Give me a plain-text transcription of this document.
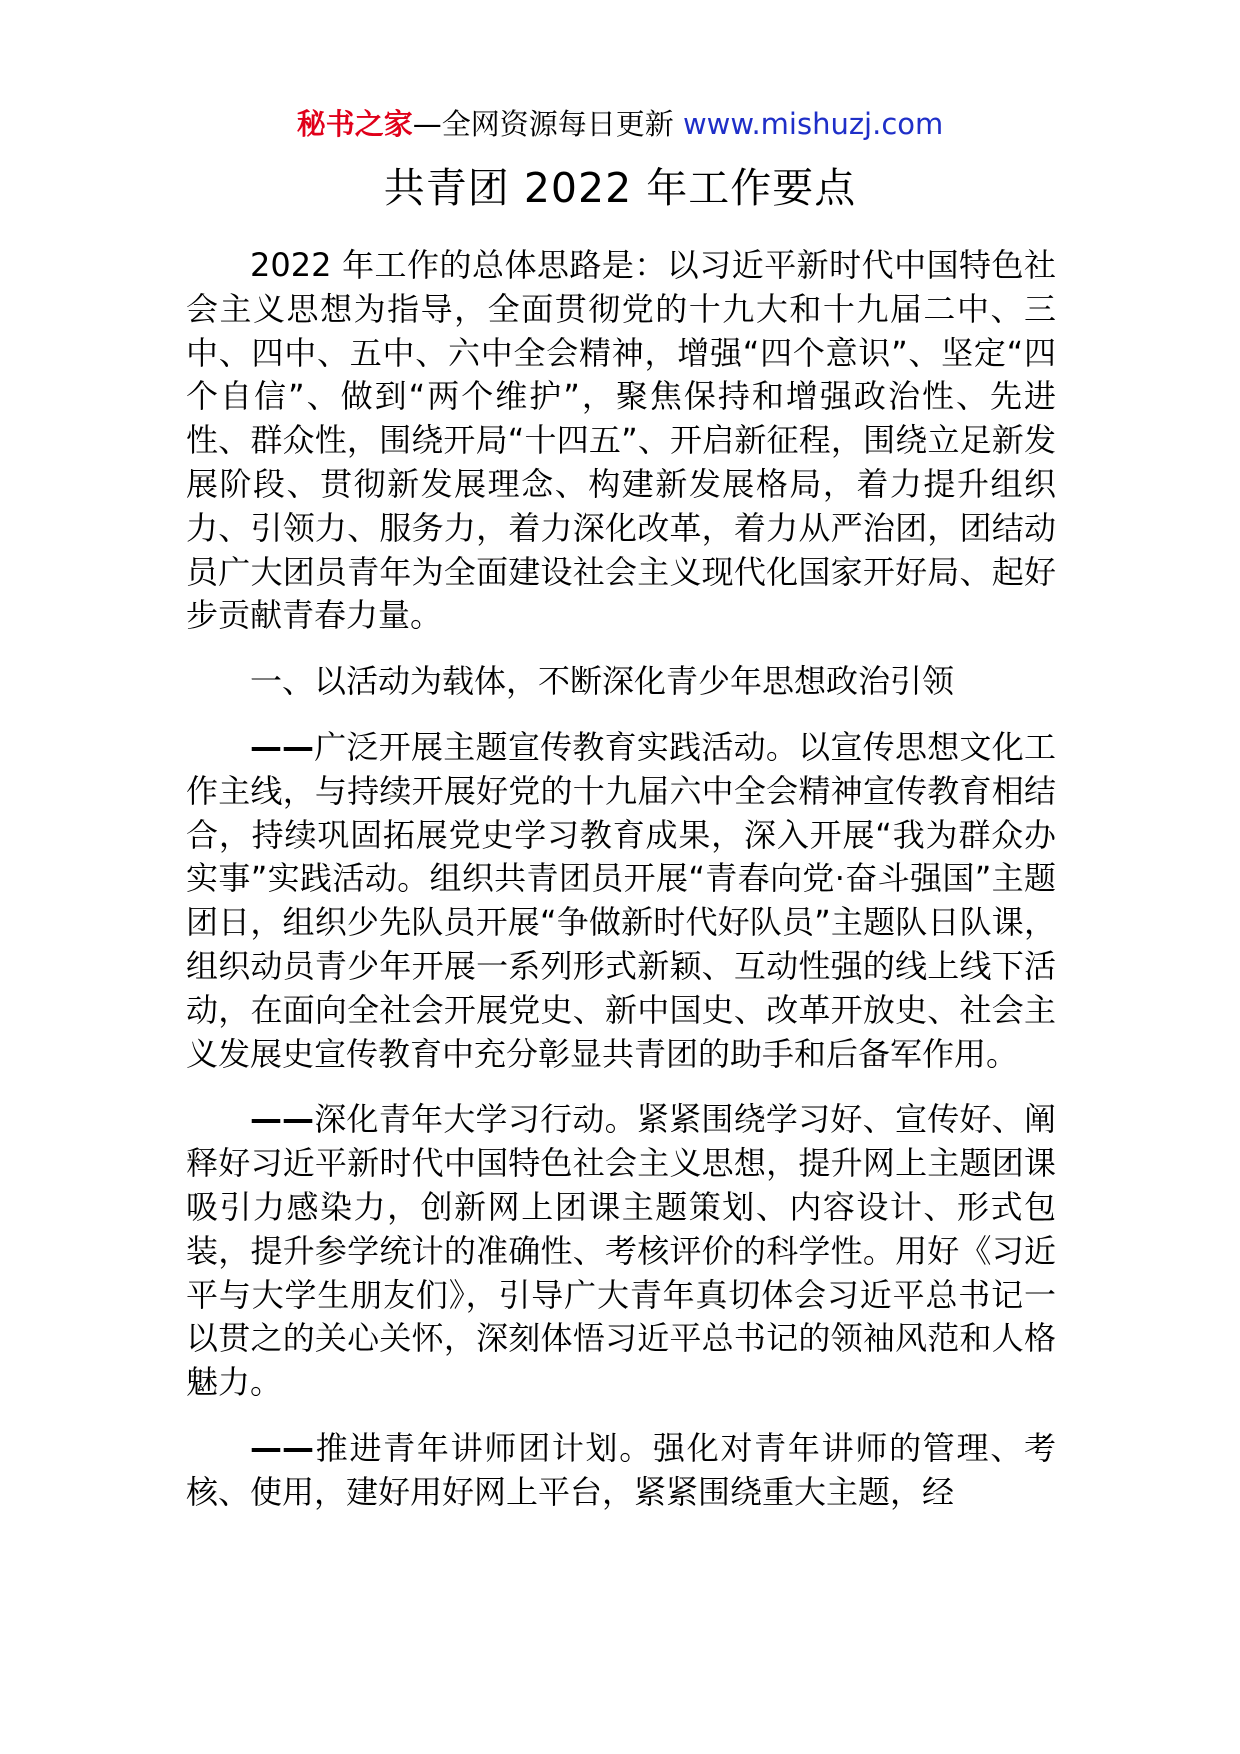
秘书之家—全网资源每日更新 www.mishuzj.com
共青团 2022 年工作要点

2022 年工作的总体思路是：以习近平新时代中国特色社会主义思想为指导，全面贯彻党的十九大和十九届二中、三中、四中、五中、六中全会精神，增强“四个意识”、坚定“四个自信”、做到“两个维护”，聚焦保持和增强政治性、先进性、群众性，围绕开局“十四五”、开启新征程，围绕立足新发展阶段、贯彻新发展理念、构建新发展格局，着力提升组织力、引领力、服务力，着力深化改革，着力从严治团，团结动员广大团员青年为全面建设社会主义现代化国家开好局、起好步贡献青春力量。

一、以活动为载体，不断深化青少年思想政治引领

——广泛开展主题宣传教育实践活动。以宣传思想文化工作主线，与持续开展好党的十九届六中全会精神宣传教育相结合，持续巩固拓展党史学习教育成果，深入开展“我为群众办实事”实践活动。组织共青团员开展“青春向党·奋斗强国”主题团日，组织少先队员开展“争做新时代好队员”主题队日队课，组织动员青少年开展一系列形式新颖、互动性强的线上线下活动，在面向全社会开展党史、新中国史、改革开放史、社会主义发展史宣传教育中充分彰显共青团的助手和后备军作用。

——深化青年大学习行动。紧紧围绕学习好、宣传好、阐释好习近平新时代中国特色社会主义思想，提升网上主题团课吸引力感染力，创新网上团课主题策划、内容设计、形式包装，提升参学统计的准确性、考核评价的科学性。用好《习近平与大学生朋友们》，引导广大青年真切体会习近平总书记一以贯之的关心关怀，深刻体悟习近平总书记的领袖风范和人格魅力。

——推进青年讲师团计划。强化对青年讲师的管理、考核、使用，建好用好网上平台，紧紧围绕重大主题，经
